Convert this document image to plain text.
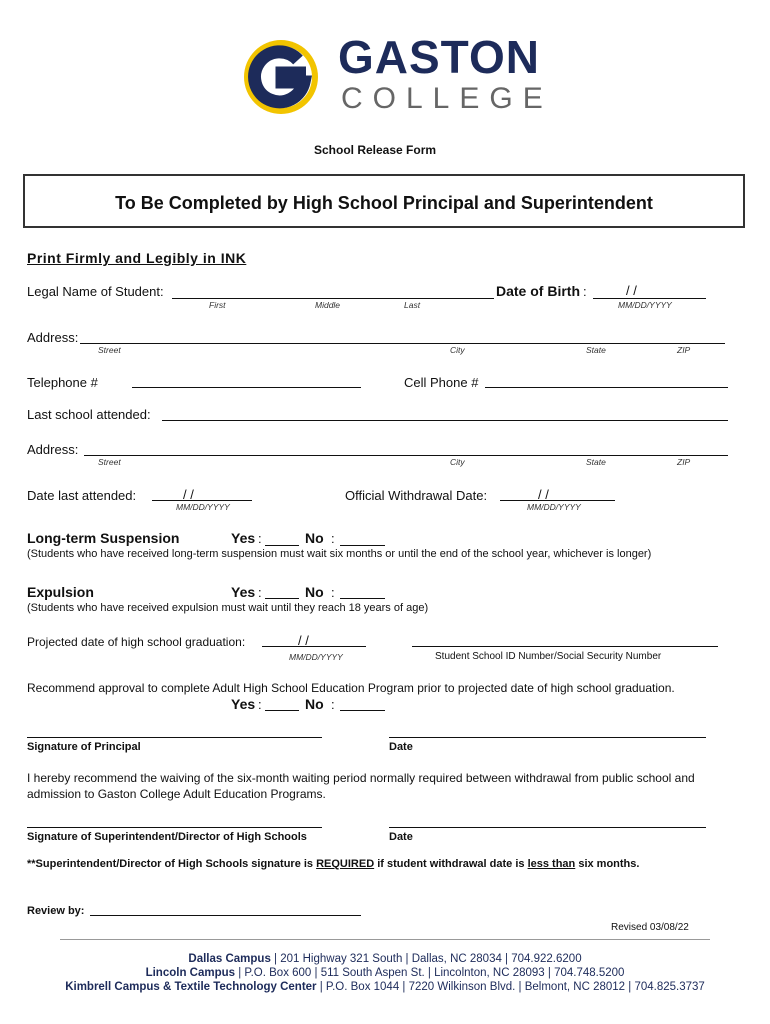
GASTON
COLLEGE
School Release Form
To Be Completed by High School Principal and Superintendent
Print Firmly and Legibly in INK
Legal Name of Student:
First	Middle	Last
Date of Birth :	/ /
MM/DD/YYYY
Address:
Street	City	State	ZIP
Telephone #	Cell Phone #
Last school attended:
Address:
Street	City	State	ZIP
Date last attended:	/ /
MM/DD/YYYY
Official Withdrawal Date:	/ /
MM/DD/YYYY
Long-term Suspension	Yes :	No :
(Students who have received long-term suspension must wait six months or until the end of the school year, whichever is longer)
Expulsion	Yes :	No :
(Students who have received expulsion must wait until they reach 18 years of age)
Projected date of high school graduation:	/ /
MM/DD/YYYY	Student School ID Number/Social Security Number
Recommend approval to complete Adult High School Education Program prior to projected date of high school graduation.
Yes :	No :
Signature of Principal	Date
I hereby recommend the waiving of the six-month waiting period normally required between withdrawal from public school and
admission to Gaston College Adult Education Programs.
Signature of Superintendent/Director of High Schools	Date
**Superintendent/Director of High Schools signature is REQUIRED if student withdrawal date is less than six months.
Review by:
Revised 03/08/22
Dallas Campus | 201 Highway 321 South | Dallas, NC 28034 | 704.922.6200
Lincoln Campus | P.O. Box 600 | 511 South Aspen St. | Lincolnton, NC 28093 | 704.748.5200
Kimbrell Campus & Textile Technology Center | P.O. Box 1044 | 7220 Wilkinson Blvd. | Belmont, NC 28012 | 704.825.3737
